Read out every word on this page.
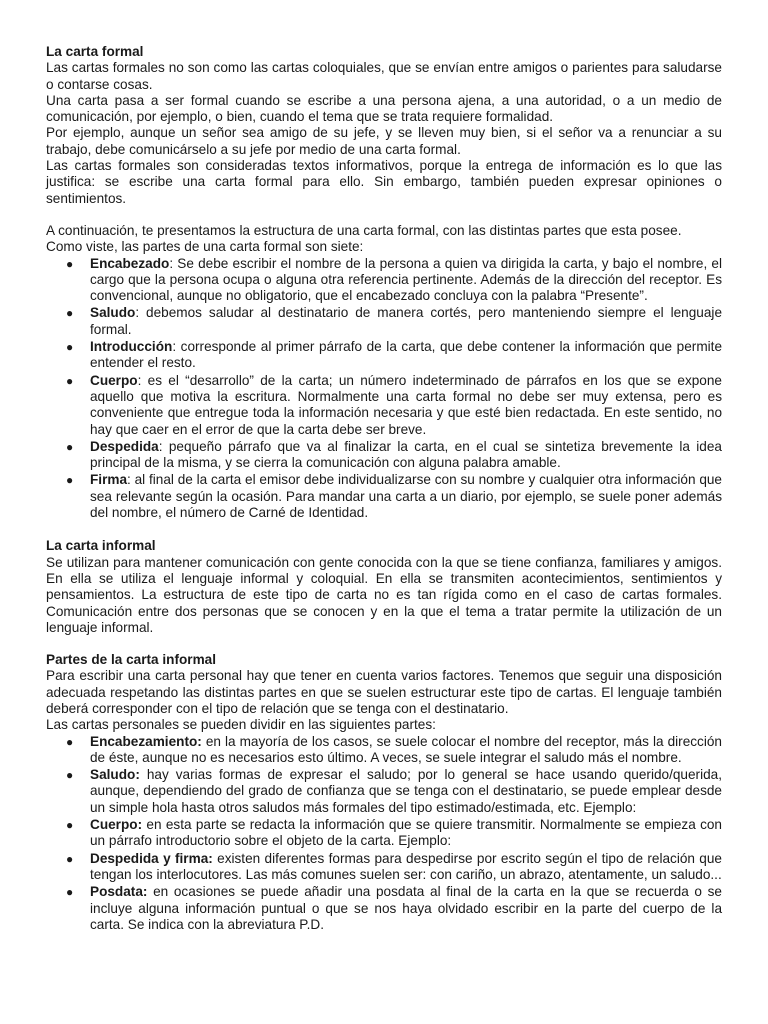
La carta formal

Las cartas formales no son como las cartas coloquiales, que se envían entre amigos o parientes para saludarse o contarse cosas.

Una carta pasa a ser formal cuando se escribe a una persona ajena, a una autoridad, o a un medio de comunicación, por ejemplo, o bien, cuando el tema que se trata requiere formalidad.

Por ejemplo, aunque un señor sea amigo de su jefe, y se lleven muy bien, si el señor va a renunciar a su trabajo, debe comunicárselo a su jefe por medio de una carta formal.

Las cartas formales son consideradas textos informativos, porque la entrega de información es lo que las justifica: se escribe una carta formal para ello. Sin embargo, también pueden expresar opiniones o sentimientos.

A continuación, te presentamos la estructura de una carta formal, con las distintas partes que esta posee.

Como viste, las partes de una carta formal son siete:

● Encabezado: Se debe escribir el nombre de la persona a quien va dirigida la carta, y bajo el nombre, el cargo que la persona ocupa o alguna otra referencia pertinente. Además de la dirección del receptor. Es convencional, aunque no obligatorio, que el encabezado concluya con la palabra “Presente”.
● Saludo: debemos saludar al destinatario de manera cortés, pero manteniendo siempre el lenguaje formal.
● Introducción: corresponde al primer párrafo de la carta, que debe contener la información que permite entender el resto.
● Cuerpo: es el “desarrollo” de la carta; un número indeterminado de párrafos en los que se expone aquello que motiva la escritura. Normalmente una carta formal no debe ser muy extensa, pero es conveniente que entregue toda la información necesaria y que esté bien redactada. En este sentido, no hay que caer en el error de que la carta debe ser breve.
● Despedida: pequeño párrafo que va al finalizar la carta, en el cual se sintetiza brevemente la idea principal de la misma, y se cierra la comunicación con alguna palabra amable.
● Firma: al final de la carta el emisor debe individualizarse con su nombre y cualquier otra información que sea relevante según la ocasión. Para mandar una carta a un diario, por ejemplo, se suele poner además del nombre, el número de Carné de Identidad.

La carta informal

Se utilizan para mantener comunicación con gente conocida con la que se tiene confianza, familiares y amigos. En ella se utiliza el lenguaje informal y coloquial. En ella se transmiten acontecimientos, sentimientos y pensamientos. La estructura de este tipo de carta no es tan rígida como en el caso de cartas formales. Comunicación entre dos personas que se conocen y en la que el tema a tratar permite la utilización de un lenguaje informal.

Partes de la carta informal

Para escribir una carta personal hay que tener en cuenta varios factores. Tenemos que seguir una disposición adecuada respetando las distintas partes en que se suelen estructurar este tipo de cartas. El lenguaje también deberá corresponder con el tipo de relación que se tenga con el destinatario.

Las cartas personales se pueden dividir en las siguientes partes:

● Encabezamiento: en la mayoría de los casos, se suele colocar el nombre del receptor, más la dirección de éste, aunque no es necesarios esto último. A veces, se suele integrar el saludo más el nombre.
● Saludo: hay varias formas de expresar el saludo; por lo general se hace usando querido/querida, aunque, dependiendo del grado de confianza que se tenga con el destinatario, se puede emplear desde un simple hola hasta otros saludos más formales del tipo estimado/estimada, etc. Ejemplo:
● Cuerpo: en esta parte se redacta la información que se quiere transmitir. Normalmente se empieza con un párrafo introductorio sobre el objeto de la carta. Ejemplo:
● Despedida y firma: existen diferentes formas para despedirse por escrito según el tipo de relación que tengan los interlocutores. Las más comunes suelen ser: con cariño, un abrazo, atentamente, un saludo...
● Posdata: en ocasiones se puede añadir una posdata al final de la carta en la que se recuerda o se incluye alguna información puntual o que se nos haya olvidado escribir en la parte del cuerpo de la carta. Se indica con la abreviatura P.D.
